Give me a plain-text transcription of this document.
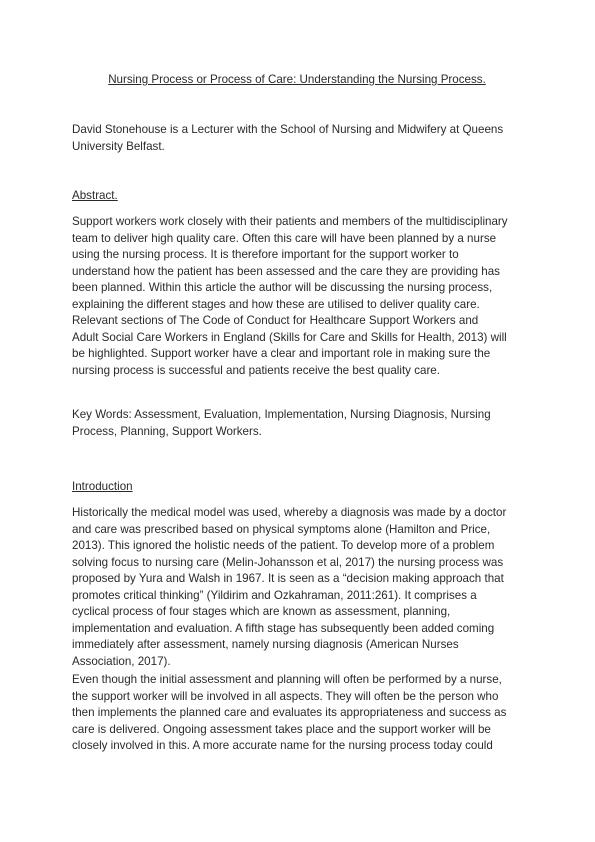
Nursing Process or Process of Care: Understanding the Nursing Process.
David Stonehouse is a Lecturer with the School of Nursing and Midwifery at Queens
University Belfast.
Abstract.
Support workers work closely with their patients and members of the multidisciplinary
team to deliver high quality care. Often this care will have been planned by a nurse
using the nursing process. It is therefore important for the support worker to
understand how the patient has been assessed and the care they are providing has
been planned. Within this article the author will be discussing the nursing process,
explaining the different stages and how these are utilised to deliver quality care.
Relevant sections of The Code of Conduct for Healthcare Support Workers and
Adult Social Care Workers in England (Skills for Care and Skills for Health, 2013) will
be highlighted. Support worker have a clear and important role in making sure the
nursing process is successful and patients receive the best quality care.
Key Words: Assessment, Evaluation, Implementation, Nursing Diagnosis, Nursing
Process, Planning, Support Workers.
Introduction
Historically the medical model was used, whereby a diagnosis was made by a doctor
and care was prescribed based on physical symptoms alone (Hamilton and Price,
2013). This ignored the holistic needs of the patient. To develop more of a problem
solving focus to nursing care (Melin-Johansson et al, 2017) the nursing process was
proposed by Yura and Walsh in 1967. It is seen as a “decision making approach that
promotes critical thinking” (Yildirim and Ozkahraman, 2011:261). It comprises a
cyclical process of four stages which are known as assessment, planning,
implementation and evaluation. A fifth stage has subsequently been added coming
immediately after assessment, namely nursing diagnosis (American Nurses
Association, 2017).
Even though the initial assessment and planning will often be performed by a nurse,
the support worker will be involved in all aspects. They will often be the person who
then implements the planned care and evaluates its appropriateness and success as
care is delivered. Ongoing assessment takes place and the support worker will be
closely involved in this. A more accurate name for the nursing process today could
